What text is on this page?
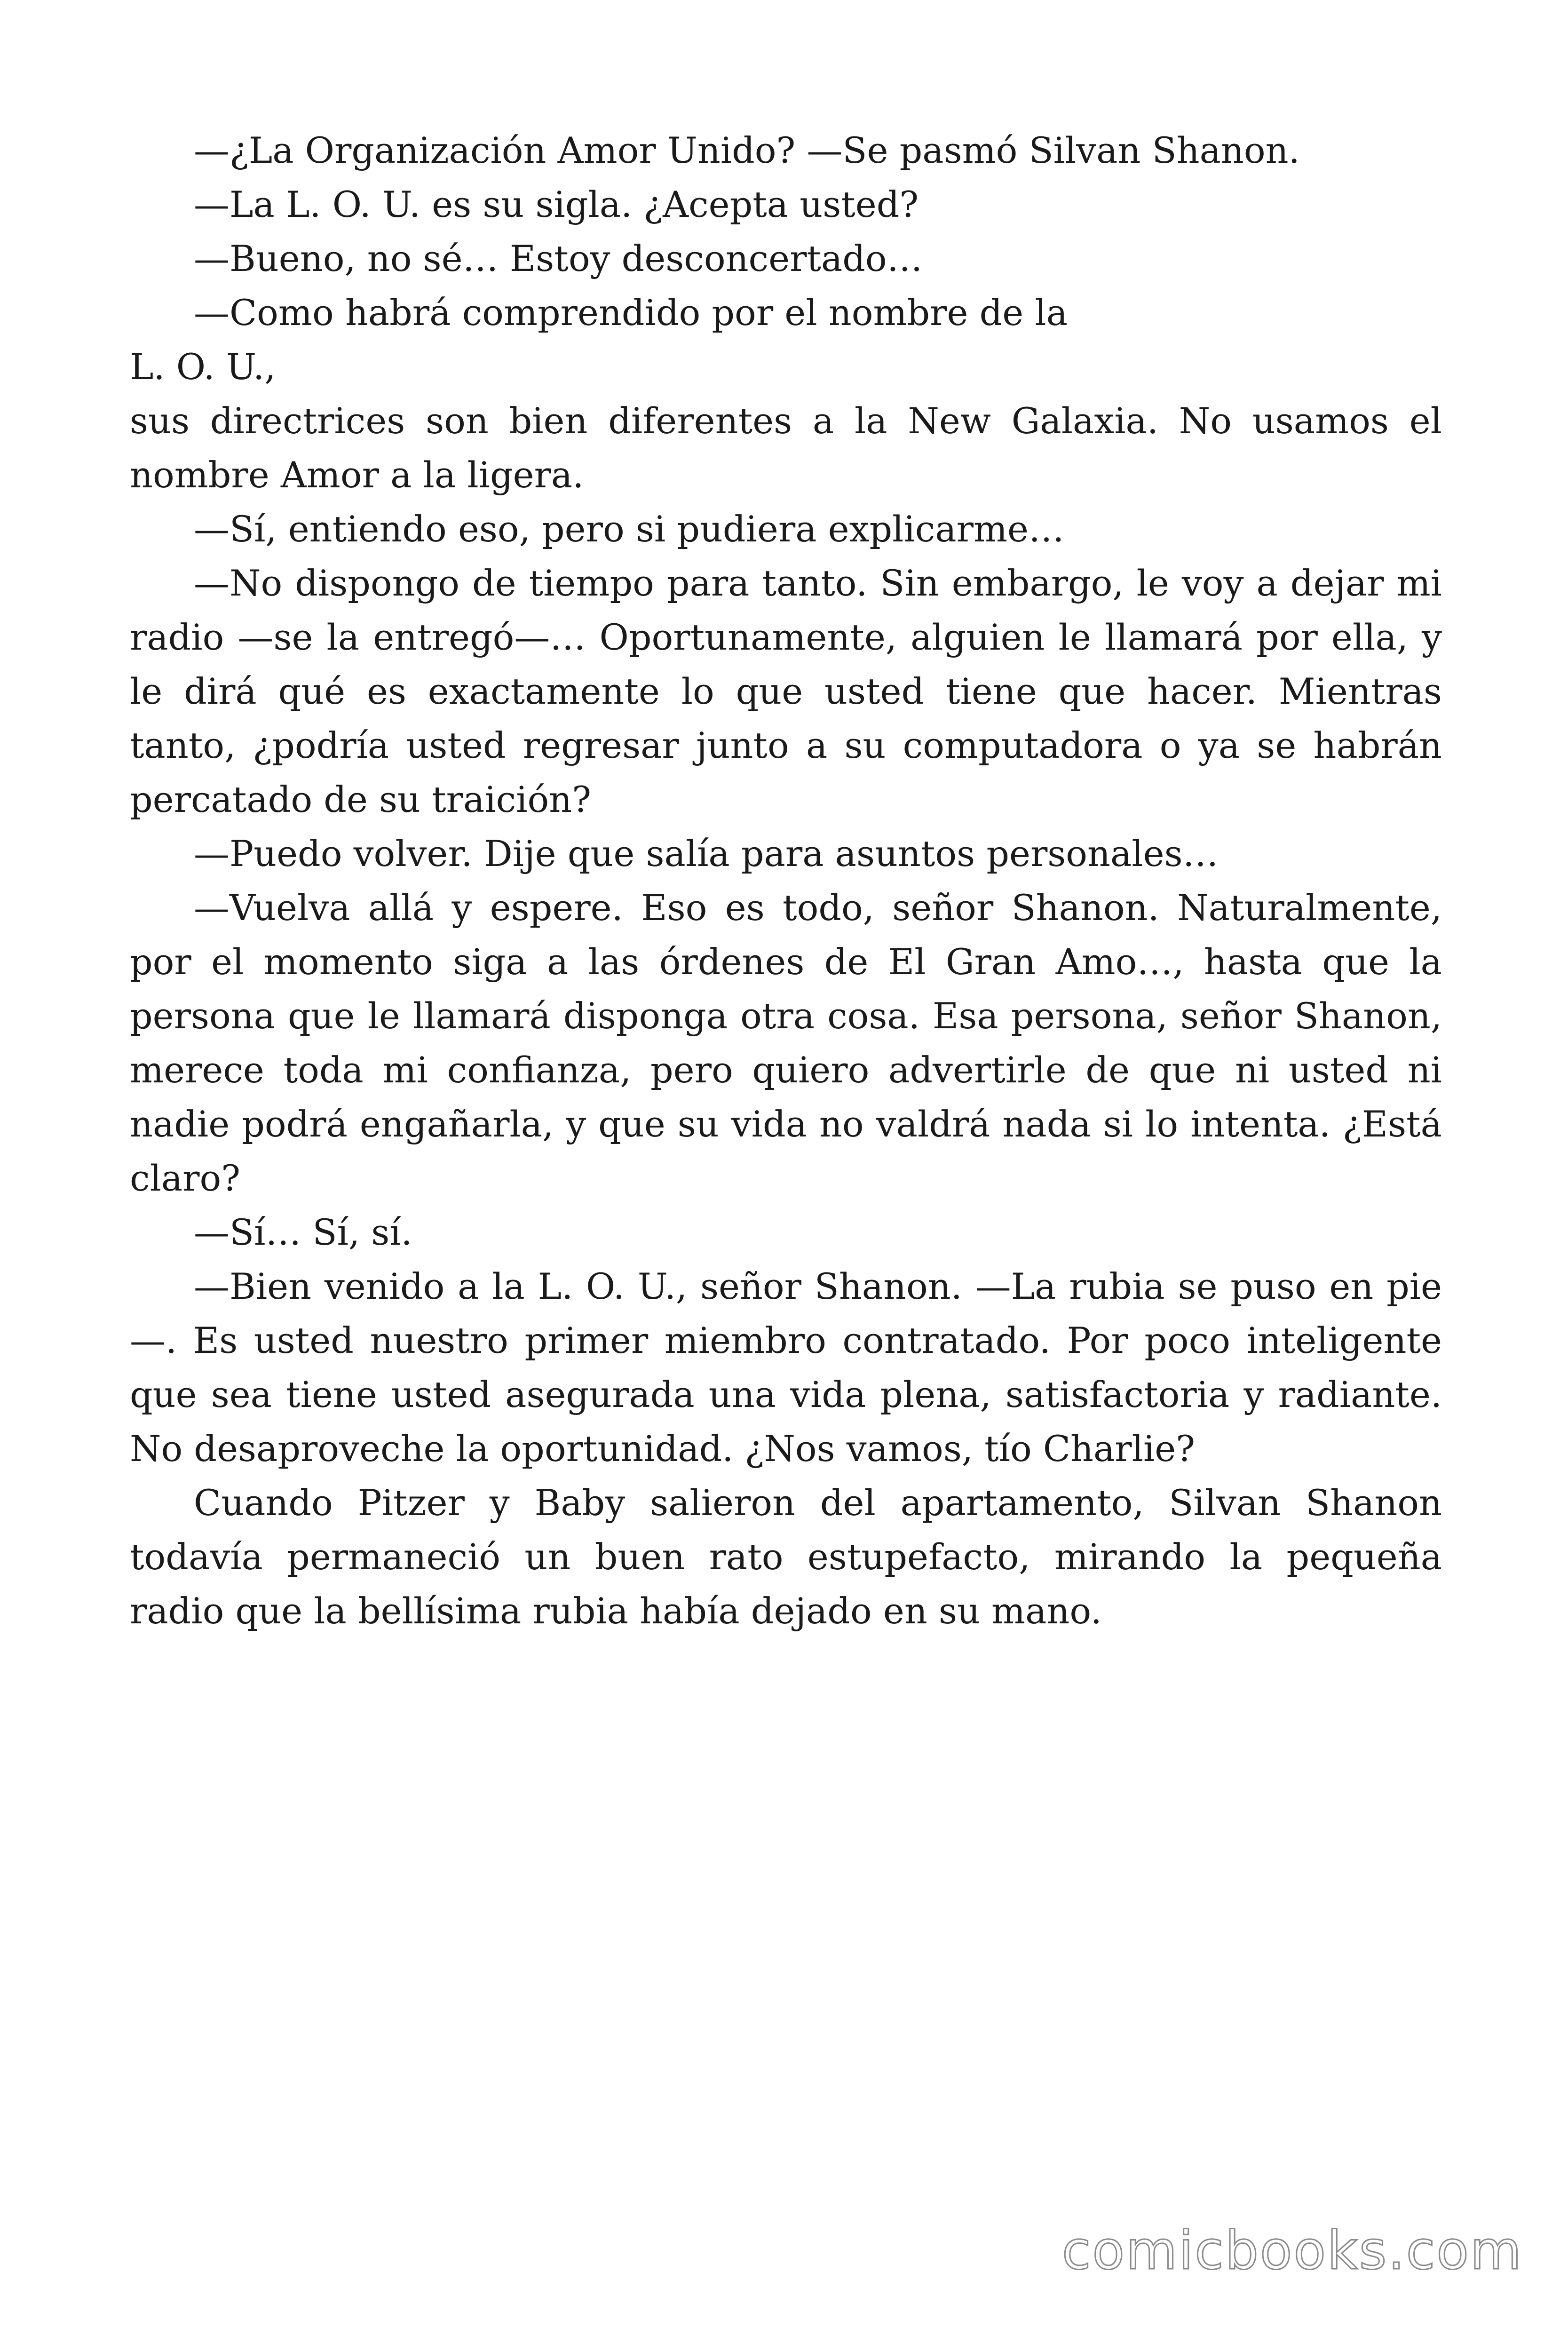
—¿La Organización Amor Unido? —Se pasmó Silvan Shanon.

—La L. O. U. es su sigla. ¿Acepta usted?

—Bueno, no sé… Estoy desconcertado…

—Como habrá comprendido por el nombre de la

L. O. U.,

sus directrices son bien diferentes a la New Galaxia. No usamos el nombre Amor a la ligera.

—Sí, entiendo eso, pero si pudiera explicarme…

—No dispongo de tiempo para tanto. Sin embargo, le voy a dejar mi radio —se la entregó—… Oportunamente, alguien le llamará por ella, y le dirá qué es exactamente lo que usted tiene que hacer. Mientras tanto, ¿podría usted regresar junto a su computadora o ya se habrán percatado de su traición?

—Puedo volver. Dije que salía para asuntos personales…

—Vuelva allá y espere. Eso es todo, señor Shanon. Naturalmente, por el momento siga a las órdenes de El Gran Amo…, hasta que la persona que le llamará disponga otra cosa. Esa persona, señor Shanon, merece toda mi confianza, pero quiero advertirle de que ni usted ni nadie podrá engañarla, y que su vida no valdrá nada si lo intenta. ¿Está claro?

—Sí… Sí, sí.

—Bien venido a la L. O. U., señor Shanon. —La rubia se puso en pie—. Es usted nuestro primer miembro contratado. Por poco inteligente que sea tiene usted asegurada una vida plena, satisfactoria y radiante. No desaproveche la oportunidad. ¿Nos vamos, tío Charlie?

Cuando Pitzer y Baby salieron del apartamento, Silvan Shanon todavía permaneció un buen rato estupefacto, mirando la pequeña radio que la bellísima rubia había dejado en su mano.

comicbooks.com
